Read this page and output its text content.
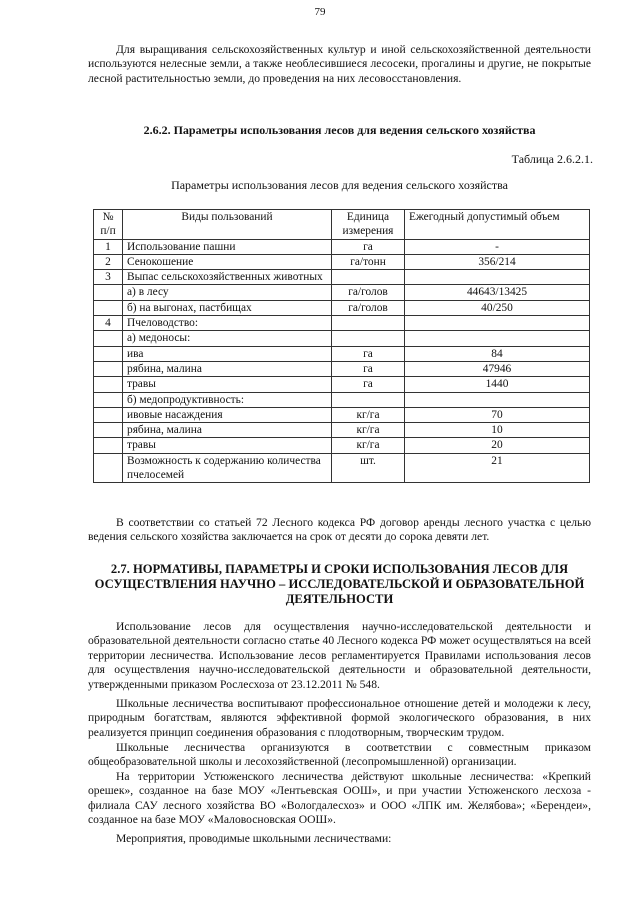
79

Для выращивания сельскохозяйственных культур и иной сельскохозяйственной деятельности используются нелесные земли, а также необлесившиеся лесосеки, прогалины и другие, не покрытые лесной растительностью земли, до проведения на них лесовосстановления.

2.6.2. Параметры использования лесов для ведения сельского хозяйства

Таблица 2.6.2.1.
Параметры использования лесов для ведения сельского хозяйства
№ п/п	Виды пользований	Единица измерения	Ежегодный допустимый объем
1	Использование пашни	га	-
2	Сенокошение	га/тонн	356/214
3	Выпас сельскохозяйственных животных		
	а) в лесу	га/голов	44643/13425
	б) на выгонах, пастбищах	га/голов	40/250
4	Пчеловодство:		
	а) медоносы:		
	ива	га	84
	рябина, малина	га	47946
	травы	га	1440
	б) медопродуктивность:		
	ивовые насаждения	кг/га	70
	рябина, малина	кг/га	10
	травы	кг/га	20
	Возможность к содержанию количества пчелосемей	шт.	21

В соответствии со статьей 72 Лесного кодекса РФ договор аренды лесного участка с целью ведения сельского хозяйства заключается на срок от десяти до сорока девяти лет.

2.7. НОРМАТИВЫ, ПАРАМЕТРЫ И СРОКИ ИСПОЛЬЗОВАНИЯ ЛЕСОВ ДЛЯ ОСУЩЕСТВЛЕНИЯ НАУЧНО – ИССЛЕДОВАТЕЛЬСКОЙ И ОБРАЗОВАТЕЛЬНОЙ ДЕЯТЕЛЬНОСТИ

Использование лесов для осуществления научно-исследовательской деятельности и образовательной деятельности согласно статье 40 Лесного кодекса РФ может осуществляться на всей территории лесничества. Использование лесов регламентируется Правилами использования лесов для осуществления научно-исследовательской деятельности и образовательной деятельности, утвержденными приказом Рослесхоза от 23.12.2011 № 548.

Школьные лесничества воспитывают профессиональное отношение детей и молодежи к лесу, природным богатствам, являются эффективной формой экологического образования, в них реализуется принцип соединения образования с плодотворным, творческим трудом.

Школьные лесничества организуются в соответствии с совместным приказом общеобразовательной школы и лесохозяйственной (лесопромышленной) организации.

На территории Устюженского лесничества действуют школьные лесничества: «Крепкий орешек», созданное на базе МОУ «Лентьевская ООШ», и при участии Устюженского лесхоза - филиала САУ лесного хозяйства ВО «Вологдалесхоз» и ООО «ЛПК им. Желябова»; «Берендеи», созданное на базе МОУ «Маловосновская ООШ».

Мероприятия, проводимые школьными лесничествами:
